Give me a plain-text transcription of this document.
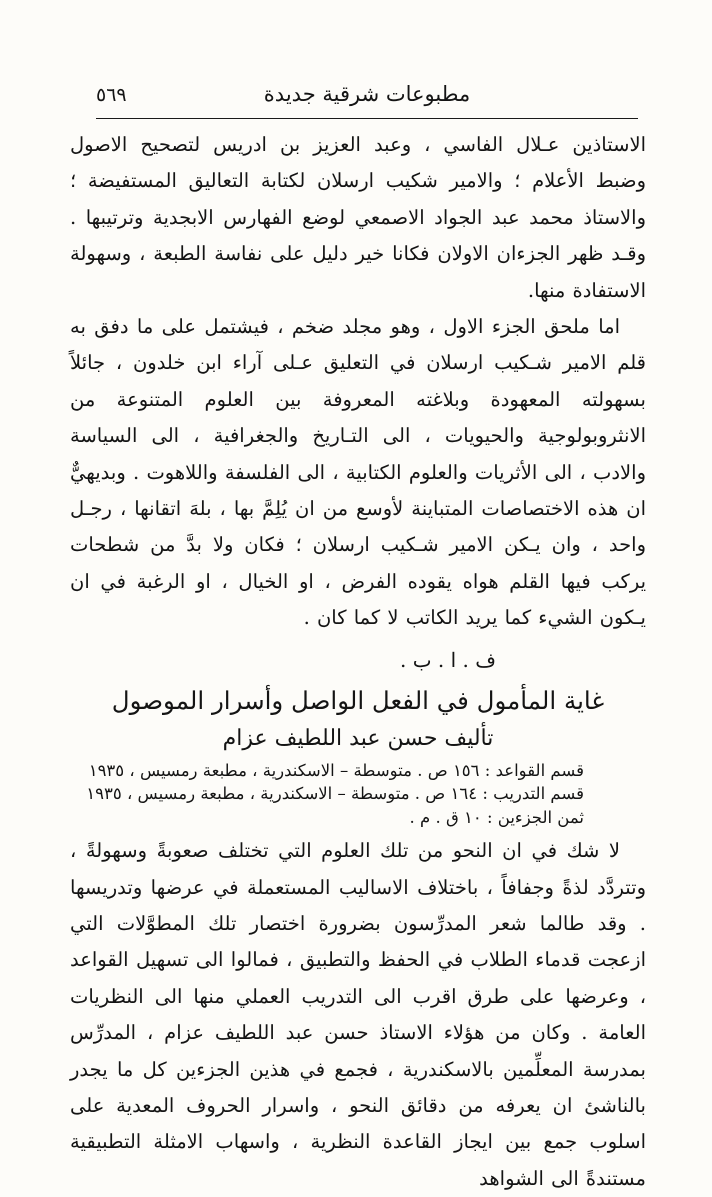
مطبوعات شرقية جديدة
٥٦٩

الاستاذين عـلال الفاسي ، وعبد العزيز بن ادريس لتصحيح الاصول وضبط الأعلام ؛ والامير شكيب ارسلان لكتابة التعاليق المستفيضة ؛ والاستاذ محمد عبد الجواد الاصمعي لوضع الفهارس الابجدية وترتيبها . وقـد ظهر الجزءان الاولان فكانا خير دليل على نفاسة الطبعة ، وسهولة الاستفادة منها.

اما ملحق الجزء الاول ، وهو مجلد ضخم ، فيشتمل على ما دفق به قلم الامير شـكيب ارسلان في التعليق عـلى آراء ابن خلدون ، جائلاً بسهولته المعهودة وبلاغته المعروفة بين العلوم المتنوعة من الانثروبولوجية والحيويات ، الى التـاريخ والجغرافية ، الى السياسة والادب ، الى الأثريات والعلوم الكتابية ، الى الفلسفة واللاهوت . وبديهيٌّ ان هذه الاختصاصات المتباينة لأوسع من ان يُلِمَّ بها ، بلهَ اتقانها ، رجـل واحد ، وان يـكن الامير شـكيب ارسلان ؛ فكان ولا بدَّ من شطحات يركب فيها القلم هواه يقوده الفرض ، او الخيال ، او الرغبة في ان يـكون الشيء كما يريد الكاتب لا كما كان .

ف . ا . ب .
غاية المأمول في الفعل الواصل وأسرار الموصول
تأليف حسن عبد اللطيف عزام
قسم القواعد : ١٥٦ ص . متوسطة – الاسكندرية ، مطبعة رمسيس ، ١٩٣٥
قسم التدريب : ١٦٤ ص . متوسطة – الاسكندرية ، مطبعة رمسيس ، ١٩٣٥
ثمن الجزءين : ١٠ ق . م .

لا شك في ان النحو من تلك العلوم التي تختلف صعوبةً وسهولةً ، وتتردَّد لذةً وجفافاً ، باختلاف الاساليب المستعملة في عرضها وتدريسها . وقد طالما شعر المدرِّسون بضرورة اختصار تلك المطوَّلات التي ازعجت قدماء الطلاب في الحفظ والتطبيق ، فمالوا الى تسهيل القواعد ، وعرضها على طرق اقرب الى التدريب العملي منها الى النظريات العامة . وكان من هؤلاء الاستاذ حسن عبد اللطيف عزام ، المدرِّس بمدرسة المعلِّمين بالاسكندرية ، فجمع في هذين الجزءين كل ما يجدر بالناشئ ان يعرفه من دقائق النحو ، واسرار الحروف المعدية على اسلوب جمع بين ايجاز القاعدة النظرية ، واسهاب الامثلة التطبيقية مستندةً الى الشواهد
